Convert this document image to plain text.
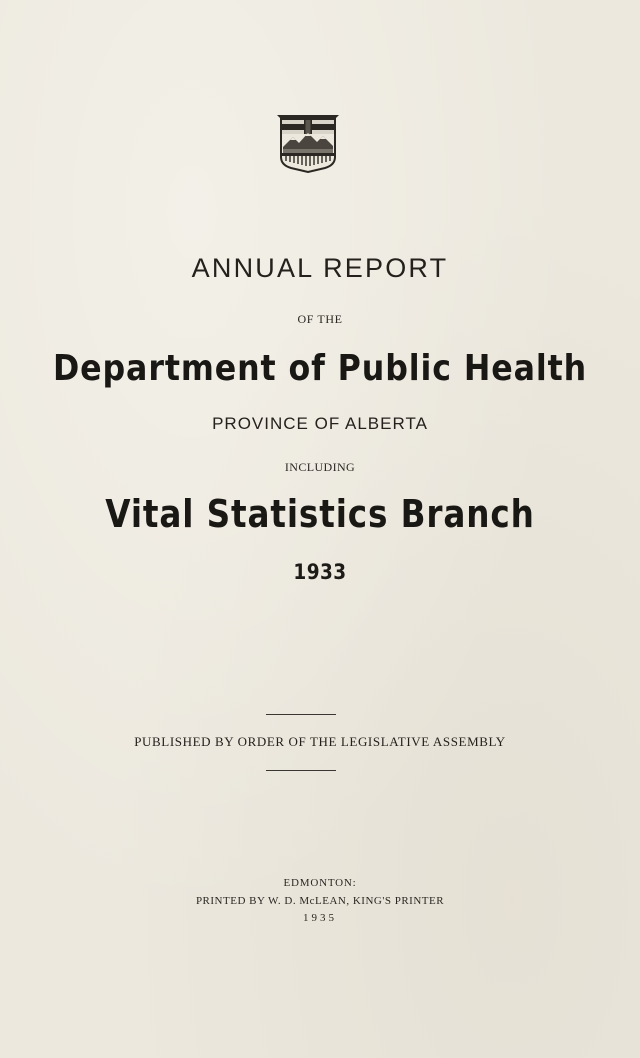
ANNUAL REPORT
OF THE
Department of Public Health
PROVINCE OF ALBERTA
INCLUDING
Vital Statistics Branch
1933
PUBLISHED BY ORDER OF THE LEGISLATIVE ASSEMBLY
EDMONTON:
PRINTED BY W. D. McLEAN, KING'S PRINTER
1935
